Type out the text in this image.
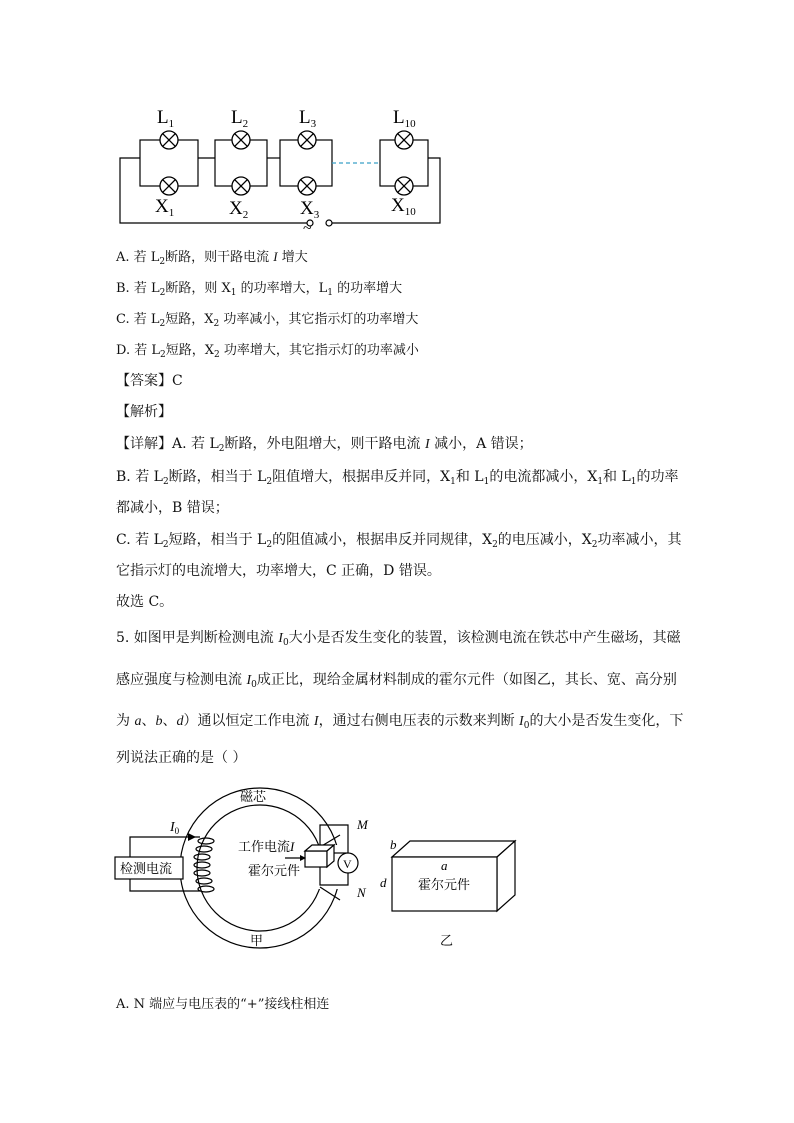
$L_1$	$L_2$	$L_3$	$L_{10}$
$X_1$	$X_2$	$X_3$	$X_{10}$
~
A. 若 $L_2$断路，则干路电流 I 增大
B. 若 $L_2$断路，则 $X_1$ 的功率增大，$L_1$ 的功率增大
C. 若 $L_2$短路，$X_2$ 功率减小，其它指示灯的功率增大
D. 若 $L_2$短路，$X_2$ 功率增大，其它指示灯的功率减小
【答案】C
【解析】
【详解】A. 若 $L_2$断路，外电阻增大，则干路电流 I 减小，A 错误；
B. 若 $L_2$断路，相当于 $L_2$阻值增大，根据串反并同，$X_1$和 $L_1$的电流都减小，$X_1$和 $L_1$的功率
都减小，B 错误；
C. 若 $L_2$短路，相当于 $L_2$的阻值减小，根据串反并同规律，$X_2$的电压减小，$X_2$功率减小，其
它指示灯的电流增大，功率增大，C 正确，D 错误。
故选 C。
5. 如图甲是判断检测电流 $I_0$大小是否发生变化的装置，该检测电流在铁芯中产生磁场，其磁
感应强度与检测电流 $I_0$成正比，现给金属材料制成的霍尔元件（如图乙，其长、宽、高分别
为 a、b、d）通以恒定工作电流 I，通过右侧电压表的示数来判断 $I_0$的大小是否发生变化，下
列说法正确的是（ ）
磁芯
$I_0$
检测电流
工作电流I
霍尔元件
M
N
V
甲
b
a
d 霍尔元件
乙
A. N 端应与电压表的“+”接线柱相连
